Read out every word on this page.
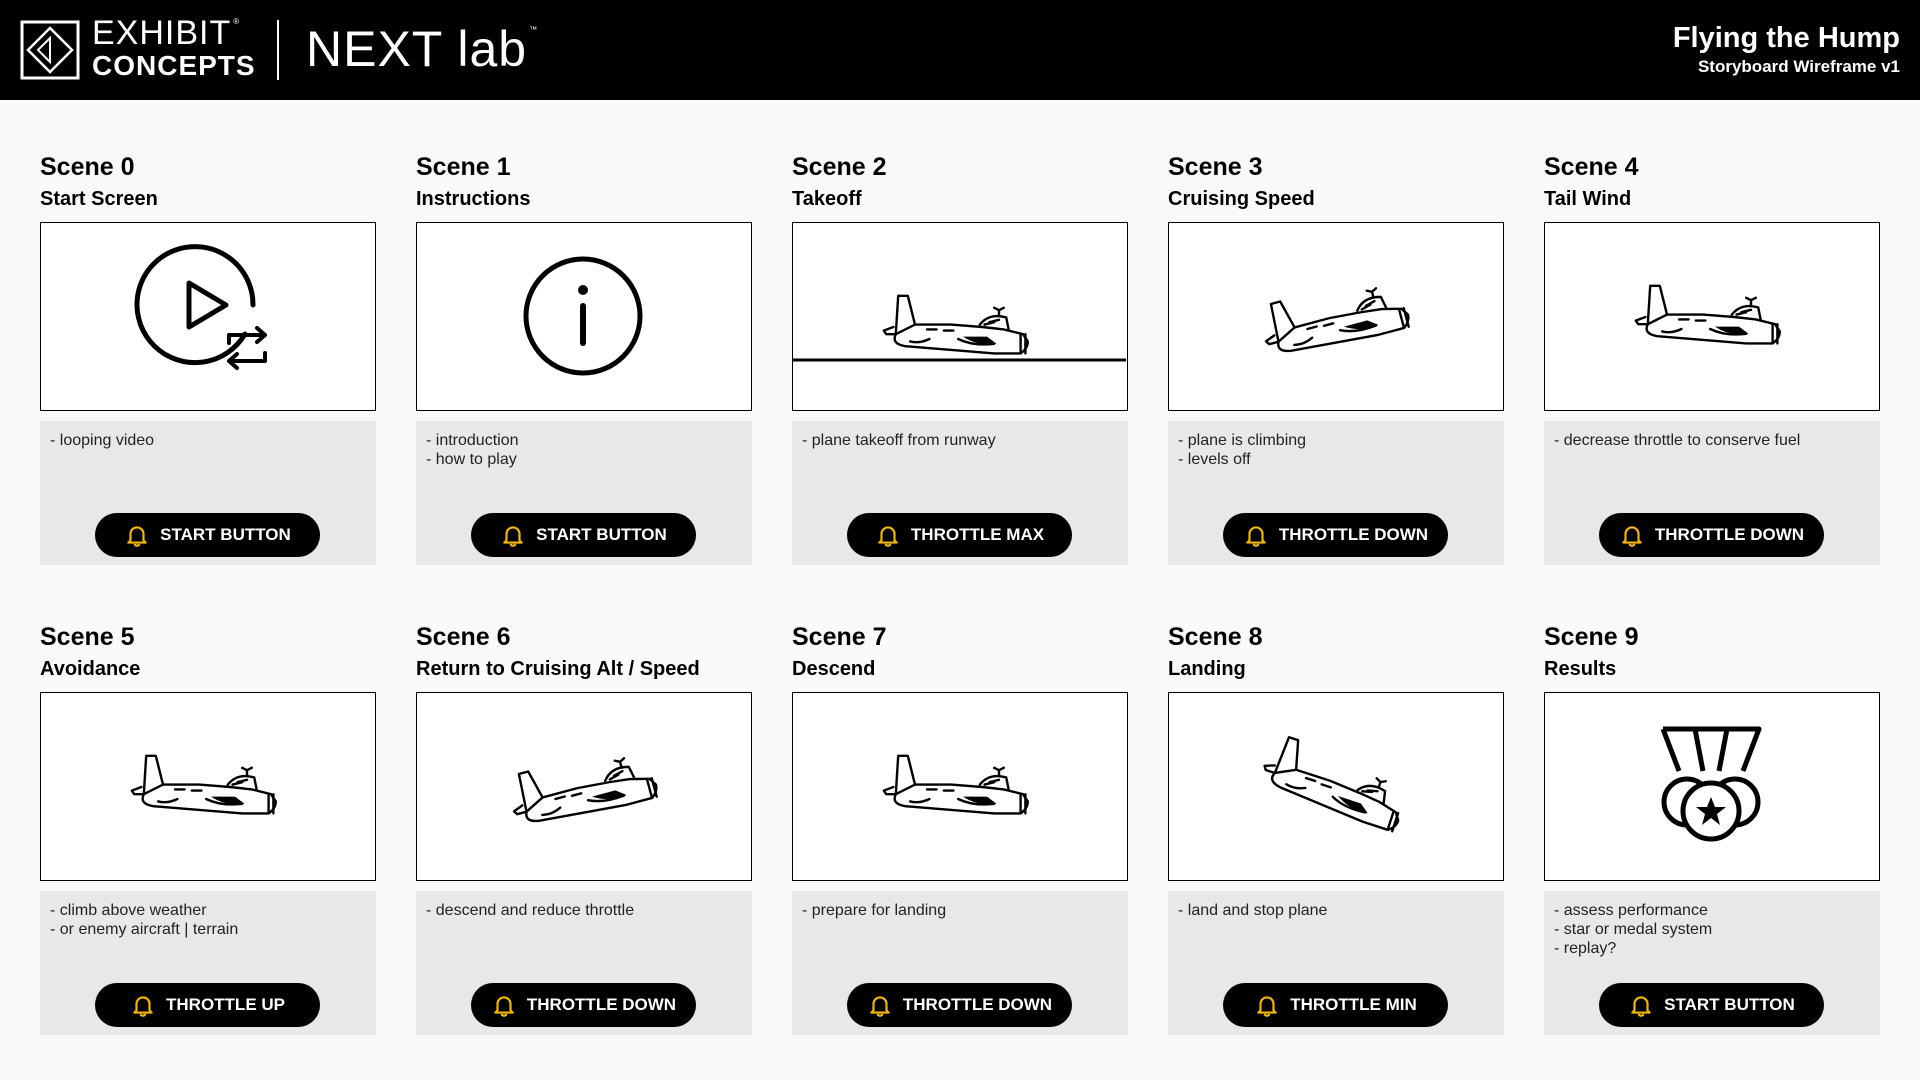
EXHIBIT ®
CONCEPTS NEXT lab ™	Flying the Hump
Storyboard Wireframe v1
Scene 0
Start Screen
- looping video
START BUTTON
Scene 1
Instructions
- introduction
- how to play
START BUTTON
Scene 2
Takeoff
- plane takeoff from runway
THROTTLE MAX
Scene 3
Cruising Speed
- plane is climbing
- levels off
THROTTLE DOWN
Scene 4
Tail Wind
- decrease throttle to conserve fuel
THROTTLE DOWN
Scene 5
Avoidance
- climb above weather
- or enemy aircraft | terrain
THROTTLE UP
Scene 6
Return to Cruising Alt / Speed
- descend and reduce throttle
THROTTLE DOWN
Scene 7
Descend
- prepare for landing
THROTTLE DOWN
Scene 8
Landing
- land and stop plane
THROTTLE MIN
Scene 9
Results
- assess performance
- star or medal system
- replay?
START BUTTON
